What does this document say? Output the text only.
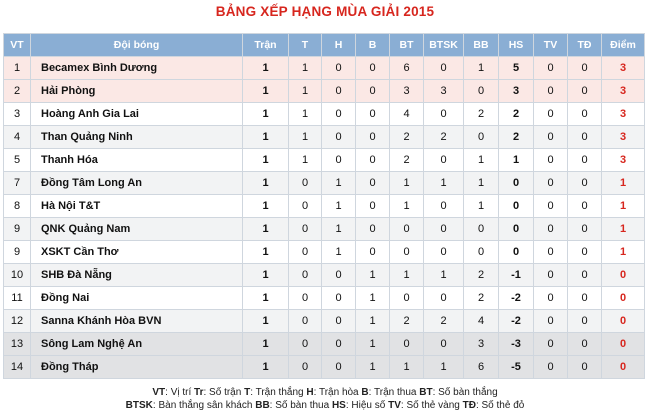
BẢNG XẾP HẠNG MÙA GIẢI 2015
VT	Đội bóng	Trận	T	H	B	BT	BTSK	BB	HS	TV	TĐ	Điểm
1	Becamex Bình Dương	1	1	0	0	6	0	1	5	0	0	3
2	Hải Phòng	1	1	0	0	3	3	0	3	0	0	3
3	Hoàng Anh Gia Lai	1	1	0	0	4	0	2	2	0	0	3
4	Than Quảng Ninh	1	1	0	0	2	2	0	2	0	0	3
5	Thanh Hóa	1	1	0	0	2	0	1	1	0	0	3
7	Đồng Tâm Long An	1	0	1	0	1	1	1	0	0	0	1
8	Hà Nội T&T	1	0	1	0	1	0	1	0	0	0	1
9	QNK Quảng Nam	1	0	1	0	0	0	0	0	0	0	1
9	XSKT Cần Thơ	1	0	1	0	0	0	0	0	0	0	1
10	SHB Đà Nẵng	1	0	0	1	1	1	2	-1	0	0	0
11	Đồng Nai	1	0	0	1	0	0	2	-2	0	0	0
12	Sanna Khánh Hòa BVN	1	0	0	1	2	2	4	-2	0	0	0
13	Sông Lam Nghệ An	1	0	0	1	0	0	3	-3	0	0	0
14	Đồng Tháp	1	0	0	1	1	1	6	-5	0	0	0
VT: Vị trí Tr: Số trận T: Trận thắng H: Trận hòa B: Trận thua BT: Số bàn thắng
BTSK: Bàn thắng sân khách BB: Số bàn thua HS: Hiệu số TV: Số thẻ vàng TĐ: Số thẻ đỏ
